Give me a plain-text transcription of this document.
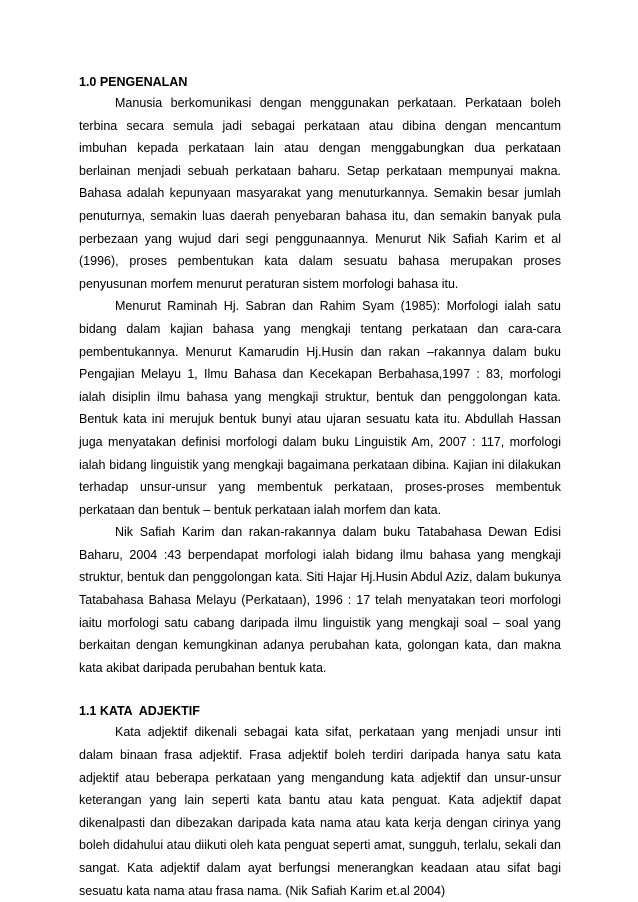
1.0 PENGENALAN

Manusia berkomunikasi dengan menggunakan perkataan. Perkataan boleh terbina secara semula jadi sebagai perkataan atau dibina dengan mencantum imbuhan kepada perkataan lain atau dengan menggabungkan dua perkataan berlainan menjadi sebuah perkataan baharu. Setap perkataan mempunyai makna. Bahasa adalah kepunyaan masyarakat yang menuturkannya. Semakin besar jumlah penuturnya, semakin luas daerah penyebaran bahasa itu, dan semakin banyak pula perbezaan yang wujud dari segi penggunaannya. Menurut Nik Safiah Karim et al (1996), proses pembentukan kata dalam sesuatu bahasa merupakan proses penyusunan morfem menurut peraturan sistem morfologi bahasa itu.

Menurut Raminah Hj. Sabran dan Rahim Syam (1985): Morfologi ialah satu bidang dalam kajian bahasa yang mengkaji tentang perkataan dan cara-cara pembentukannya. Menurut Kamarudin Hj.Husin dan rakan –rakannya dalam buku Pengajian Melayu 1, Ilmu Bahasa dan Kecekapan Berbahasa,1997 : 83, morfologi ialah disiplin ilmu bahasa yang mengkaji struktur, bentuk dan penggolongan kata. Bentuk kata ini merujuk bentuk bunyi atau ujaran sesuatu kata itu. Abdullah Hassan juga menyatakan definisi morfologi dalam buku Linguistik Am, 2007 : 117, morfologi ialah bidang linguistik yang mengkaji bagaimana perkataan dibina. Kajian ini dilakukan terhadap unsur-unsur yang membentuk perkataan, proses-proses membentuk perkataan dan bentuk – bentuk perkataan ialah morfem dan kata.

Nik Safiah Karim dan rakan-rakannya dalam buku Tatabahasa Dewan Edisi Baharu, 2004 :43 berpendapat morfologi ialah bidang ilmu bahasa yang mengkaji struktur, bentuk dan penggolongan kata. Siti Hajar Hj.Husin Abdul Aziz, dalam bukunya Tatabahasa Bahasa Melayu (Perkataan), 1996 : 17 telah menyatakan teori morfologi iaitu morfologi satu cabang daripada ilmu linguistik yang mengkaji soal – soal yang berkaitan dengan kemungkinan adanya perubahan kata, golongan kata, dan makna kata akibat daripada perubahan bentuk kata.

1.1 KATA  ADJEKTIF

Kata adjektif dikenali sebagai kata sifat, perkataan yang menjadi unsur inti dalam binaan frasa adjektif. Frasa adjektif boleh terdiri daripada hanya satu kata adjektif atau beberapa perkataan yang mengandung kata adjektif dan unsur-unsur keterangan yang lain seperti kata bantu atau kata penguat. Kata adjektif dapat dikenalpasti dan dibezakan daripada kata nama atau kata kerja dengan cirinya yang boleh didahului atau diikuti oleh kata penguat seperti amat, sungguh, terlalu, sekali dan sangat. Kata adjektif dalam ayat berfungsi menerangkan keadaan atau sifat bagi sesuatu kata nama atau frasa nama. (Nik Safiah Karim et.al 2004)
